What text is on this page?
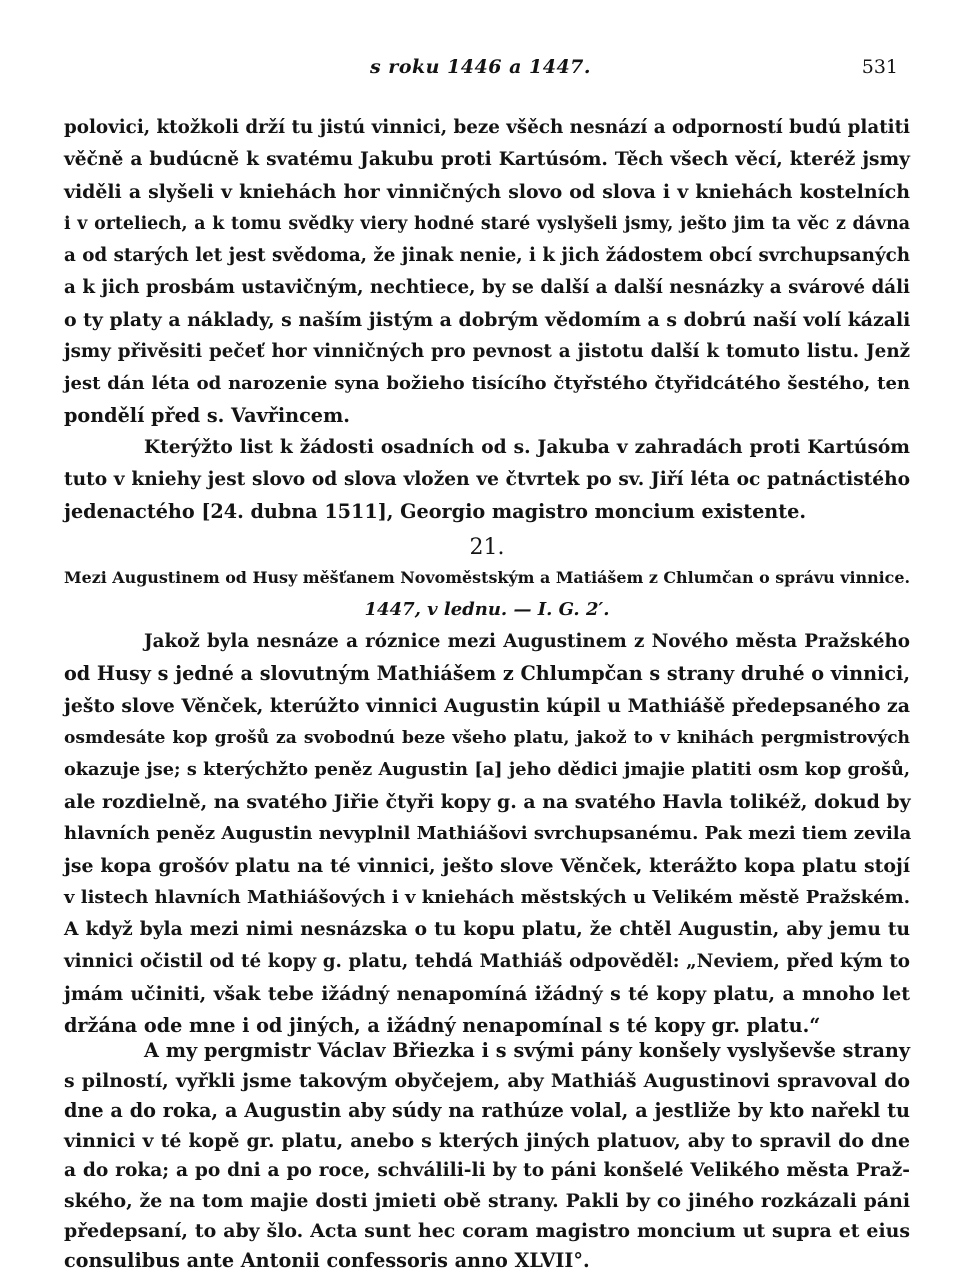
s roku 1446 a 1447.	531
polovici, ktožkoli drží tu jistú vinnici, beze všěch nesnází a odporností budú platiti
věčně a budúcně k svatému Jakubu proti Kartúsóm. Těch všech věcí, kteréž jsmy
viděli a slyšeli v kniehách hor vinničných slovo od slova i v kniehách kostelních
i v orteliech, a k tomu svědky viery hodné staré vyslyšeli jsmy, ješto jim ta věc z dávna
a od starých let jest svědoma, že jinak nenie, i k jich žádostem obcí svrchupsaných
a k jich prosbám ustavičným, nechtiece, by se další a další nesnázky a svárové dáli
o ty platy a náklady, s naším jistým a dobrým vědomím a s dobrú naší volí kázali
jsmy přivěsiti pečeť hor vinničných pro pevnost a jistotu další k tomuto listu. Jenž
jest dán léta od narozenie syna božieho tisícího čtyřstého čtyřidcátého šestého, ten
pondělí před s. Vavřincem.
Kterýžto list k žádosti osadních od s. Jakuba v zahradách proti Kartúsóm
tuto v kniehy jest slovo od slova vložen ve čtvrtek po sv. Jiří léta oc patnáctistého
jedenactého [24. dubna 1511], Georgio magistro moncium existente.
21.
Mezi Augustinem od Husy měšťanem Novoměstským a Matiášem z Chlumčan o správu vinnice.
1447, v lednu. — I. G. 2′.
Jakož byla nesnáze a róznice mezi Augustinem z Nového města Pražského
od Husy s jedné a slovutným Mathiášem z Chlumpčan s strany druhé o vinnici,
ješto slove Věnček, kterúžto vinnici Augustin kúpil u Mathiášě předepsaného za
osmdesáte kop grošů za svobodnú beze všeho platu, jakož to v knihách pergmistrových
okazuje jse; s kterýchžto peněz Augustin [a] jeho dědici jmajie platiti osm kop grošů,
ale rozdielně, na svatého Jiřie čtyři kopy g. a na svatého Havla tolikéž, dokud by
hlavních peněz Augustin nevyplnil Mathiášovi svrchupsanému. Pak mezi tiem zevila
jse kopa grošóv platu na té vinnici, ješto slove Věnček, kterážto kopa platu stojí
v listech hlavních Mathiášových i v kniehách městských u Velikém městě Pražském.
A když byla mezi nimi nesnázska o tu kopu platu, že chtěl Augustin, aby jemu tu
vinnici očistil od té kopy g. platu, tehdá Mathiáš odpověděl: „Neviem, před kým to
jmám učiniti, však tebe ižádný nenapomíná ižádný s té kopy platu, a mnoho let
držána ode mne i od jiných, a ižádný nenapomínal s té kopy gr. platu.“
A my pergmistr Václav Břiezka i s svými pány konšely vyslyševše strany
s pilností, vyřkli jsme takovým obyčejem, aby Mathiáš Augustinovi spravoval do
dne a do roka, a Augustin aby súdy na rathúze volal, a jestliže by kto nařekl tu
vinnici v té kopě gr. platu, anebo s kterých jiných platuov, aby to spravil do dne
a do roka; a po dni a po roce, schválili-li by to páni konšelé Velikého města Praž-
ského, že na tom majie dosti jmieti obě strany. Pakli by co jiného rozkázali páni
předepsaní, to aby šlo. Acta sunt hec coram magistro moncium ut supra et eius
consulibus ante Antonii confessoris anno XLVII°.
